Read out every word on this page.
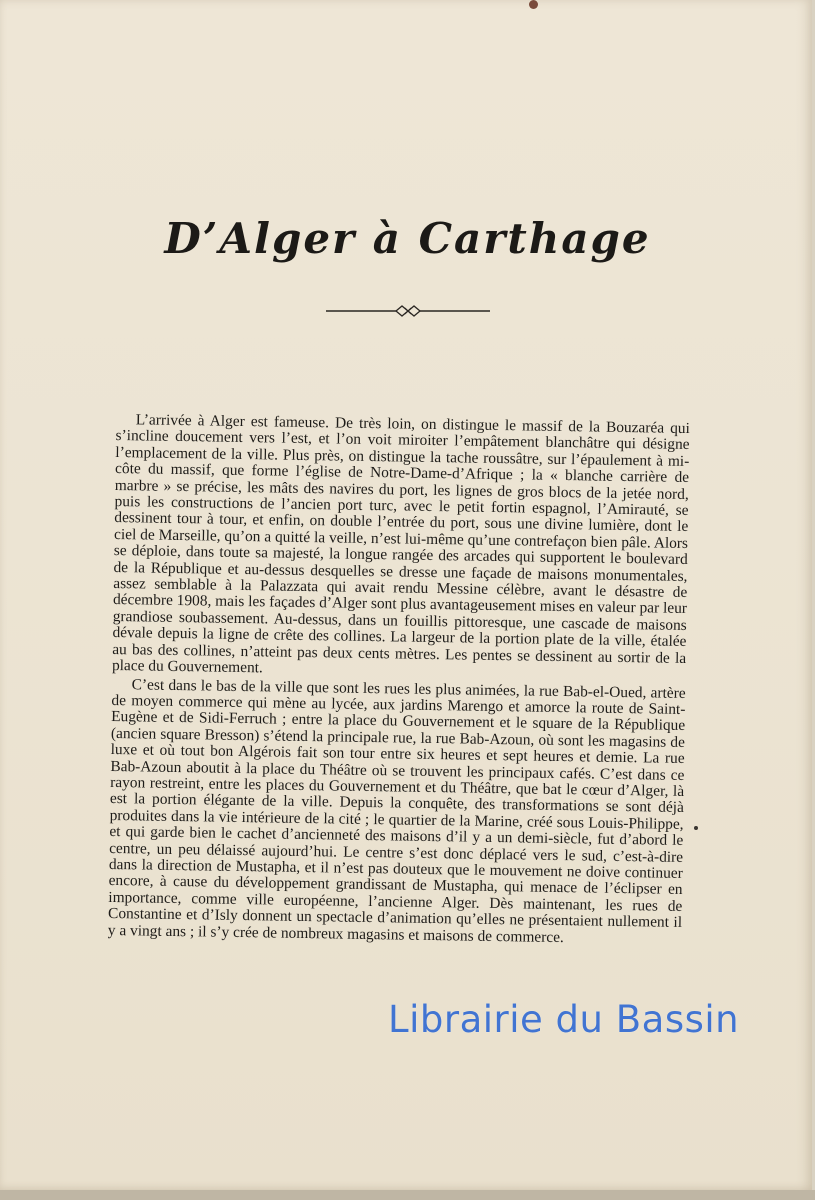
D’Alger à Carthage

L’arrivée à Alger est fameuse. De très loin, on distingue le massif de la Bouzaréa qui s’incline doucement vers l’est, et l’on voit miroiter l’empâtement blanchâtre qui désigne l’emplacement de la ville. Plus près, on distingue la tache roussâtre, sur l’épaulement à mi-côte du massif, que forme l’église de Notre-Dame-d’Afrique ; la « blanche carrière de marbre » se précise, les mâts des navires du port, les lignes de gros blocs de la jetée nord, puis les constructions de l’ancien port turc, avec le petit fortin espagnol, l’Amirauté, se dessinent tour à tour, et enfin, on double l’entrée du port, sous une divine lumière, dont le ciel de Marseille, qu’on a quitté la veille, n’est lui-même qu’une contrefaçon bien pâle. Alors se déploie, dans toute sa majesté, la longue rangée des arcades qui supportent le boulevard de la République et au-dessus desquelles se dresse une façade de maisons monumentales, assez semblable à la Palazzata qui avait rendu Messine célèbre, avant le désastre de décembre 1908, mais les façades d’Alger sont plus avantageusement mises en valeur par leur grandiose soubassement. Au-dessus, dans un fouillis pittoresque, une cascade de maisons dévale depuis la ligne de crête des collines. La largeur de la portion plate de la ville, étalée au bas des collines, n’atteint pas deux cents mètres. Les pentes se dessinent au sortir de la place du Gouvernement.

C’est dans le bas de la ville que sont les rues les plus animées, la rue Bab-el-Oued, artère de moyen commerce qui mène au lycée, aux jardins Marengo et amorce la route de Saint-Eugène et de Sidi-Ferruch ; entre la place du Gouvernement et le square de la République (ancien square Bresson) s’étend la principale rue, la rue Bab-Azoun, où sont les magasins de luxe et où tout bon Algérois fait son tour entre six heures et sept heures et demie. La rue Bab-Azoun aboutit à la place du Théâtre où se trouvent les principaux cafés. C’est dans ce rayon restreint, entre les places du Gouvernement et du Théâtre, que bat le cœur d’Alger, là est la portion élégante de la ville. Depuis la conquête, des transformations se sont déjà produites dans la vie intérieure de la cité ; le quartier de la Marine, créé sous Louis-Philippe, et qui garde bien le cachet d’ancienneté des maisons d’il y a un demi-siècle, fut d’abord le centre, un peu délaissé aujourd’hui. Le centre s’est donc déplacé vers le sud, c’est-à-dire dans la direction de Mustapha, et il n’est pas douteux que le mouvement ne doive continuer encore, à cause du développement grandissant de Mustapha, qui menace de l’éclipser en importance, comme ville européenne, l’ancienne Alger. Dès maintenant, les rues de Constantine et d’Isly donnent un spectacle d’animation qu’elles ne présentaient nullement il y a vingt ans ; il s’y crée de nombreux magasins et maisons de commerce.

Librairie du Bassin
